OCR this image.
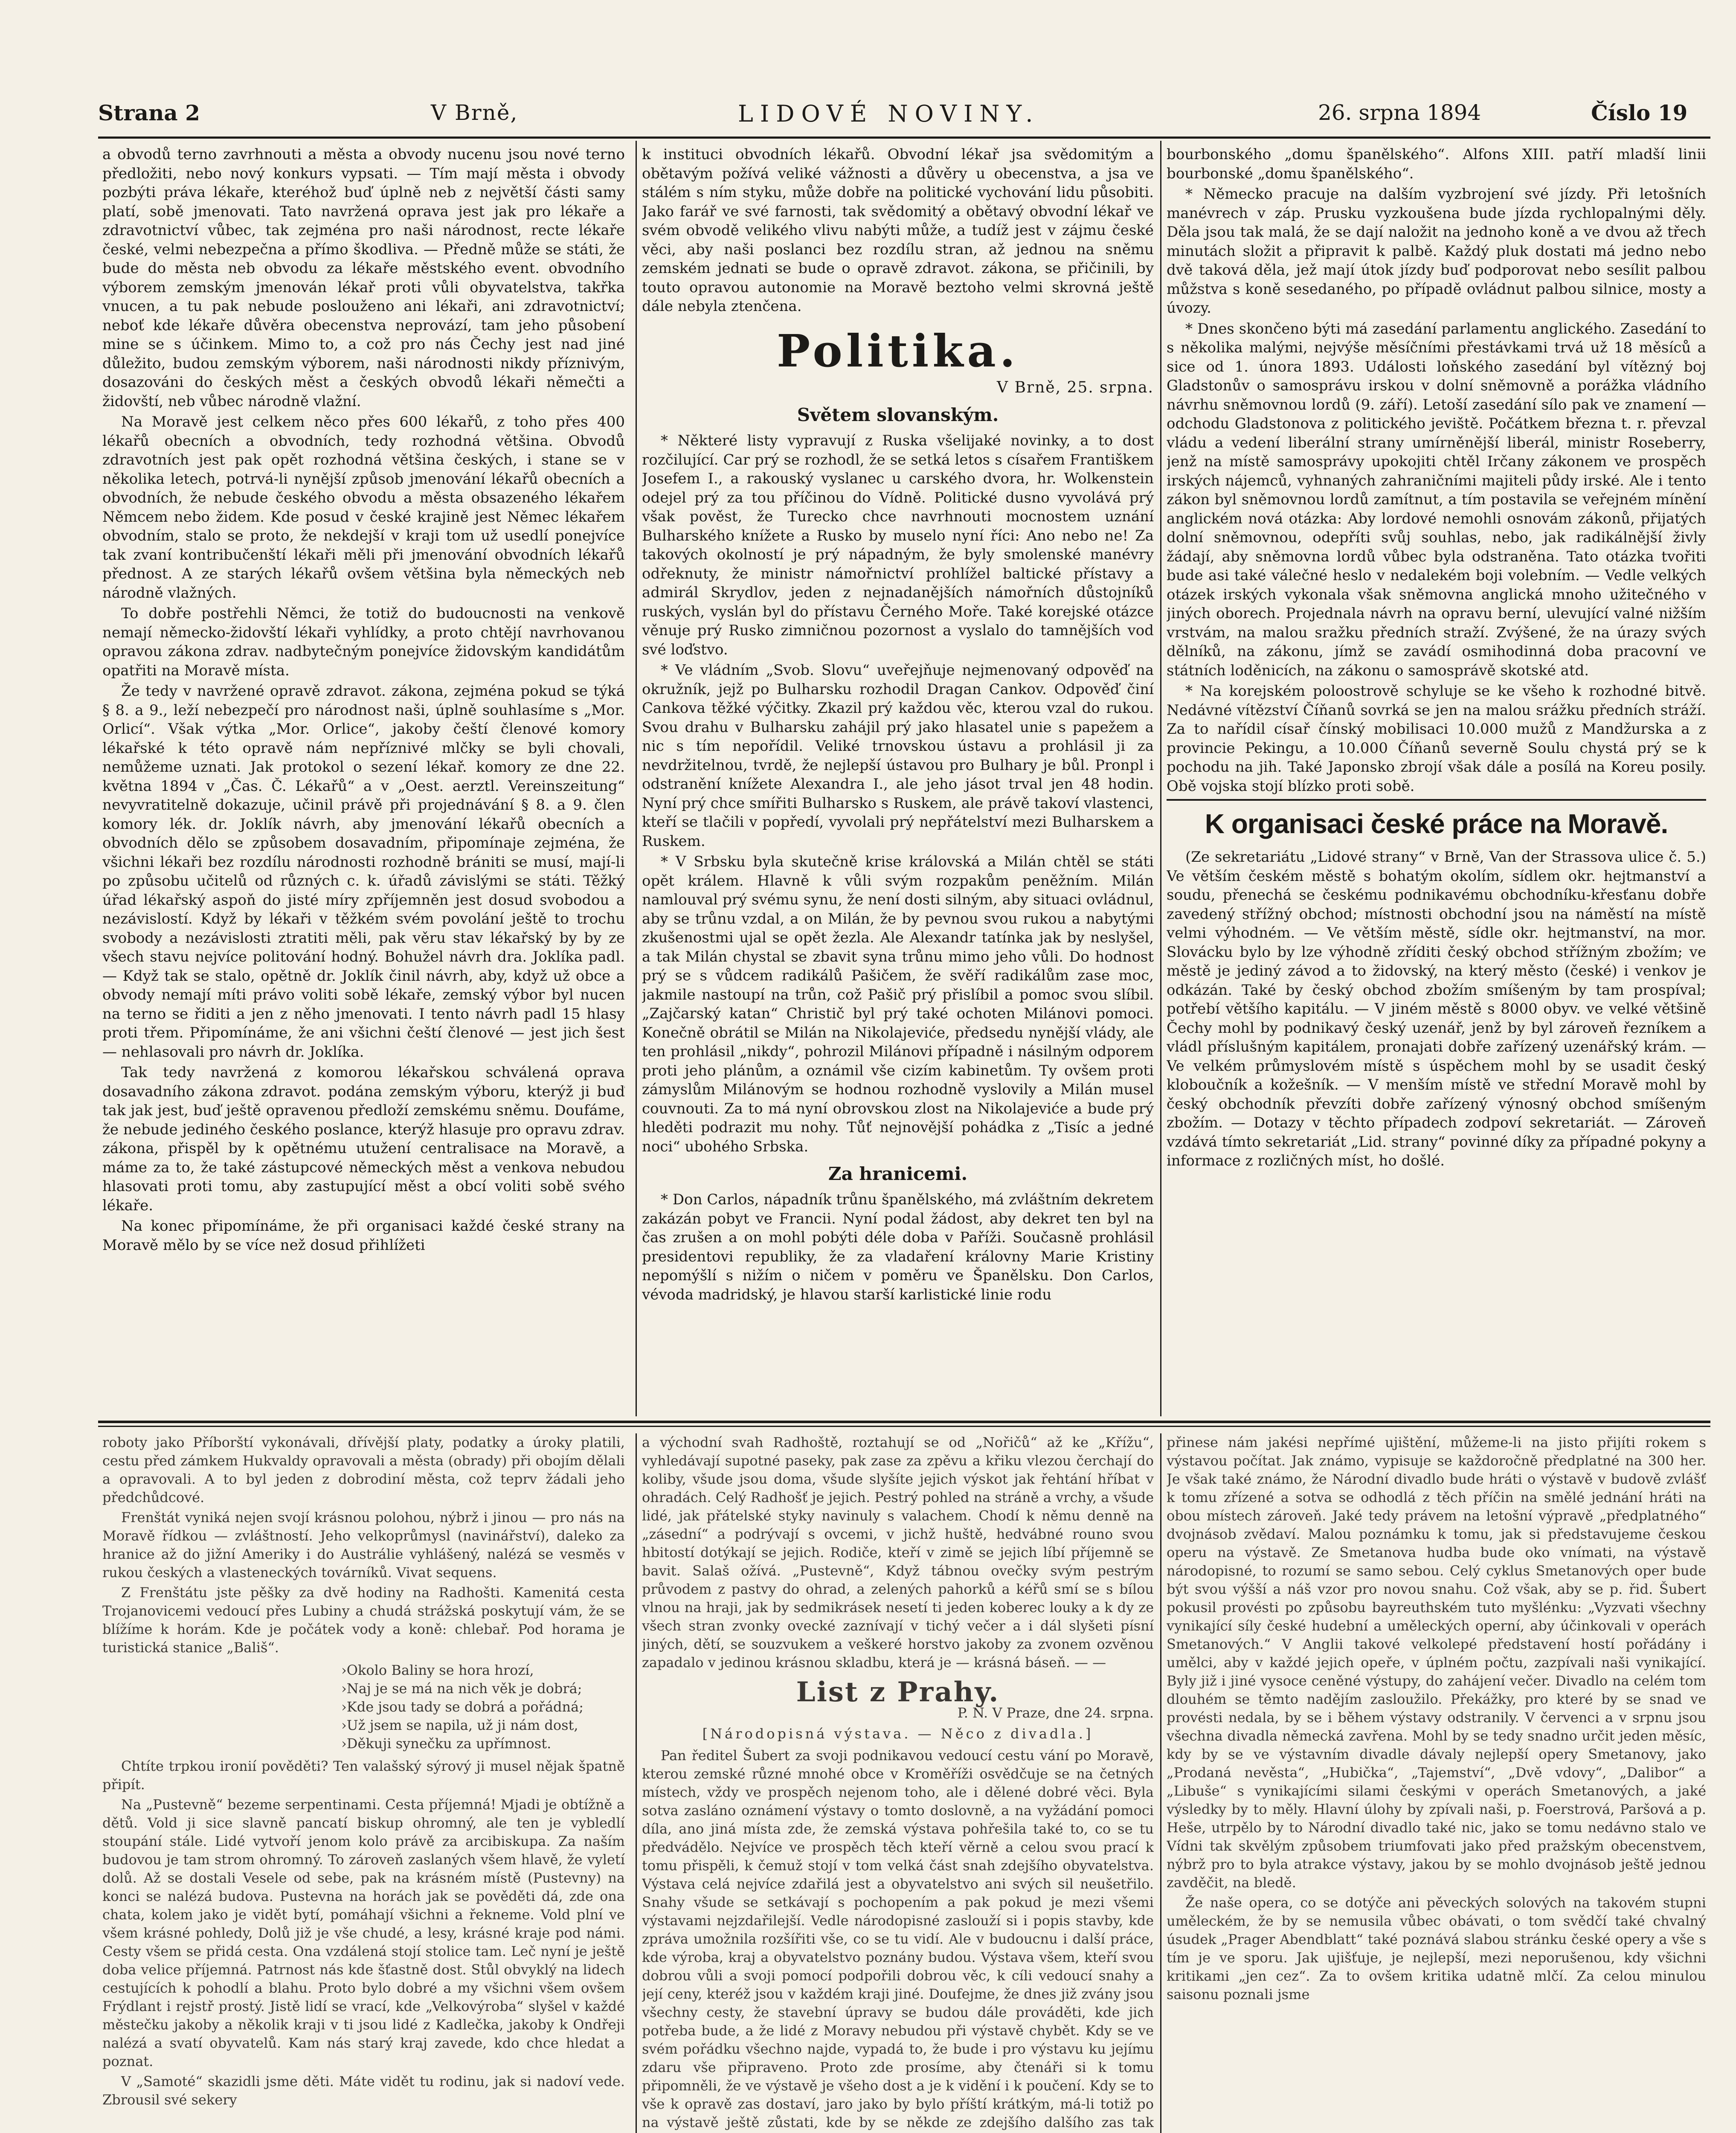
Strana 2	V Brně,	LIDOVÉ NOVINY.	26. srpna 1894	Číslo 19

a obvodů terno zavrhnouti a města a obvody nucenu jsou nové terno předložiti, nebo nový konkurs vypsati. — Tím mají města i obvody pozbýti práva lékaře, kteréhož buď úplně neb z největší části samy platí, sobě jmenovati. Tato navržená oprava jest jak pro lékaře a zdravotnictví vůbec, tak zejména pro naši národnost, recte lékaře české, velmi nebezpečna a přímo škodliva. — Předně může se státi, že bude do města neb obvodu za lékaře městského event. obvodního výborem zemským jmenován lékař proti vůli obyvatelstva, takřka vnucen, a tu pak nebude poslouženo ani lékaři, ani zdravotnictví; neboť kde lékaře důvěra obecenstva neprovází, tam jeho působení mine se s účinkem. Mimo to, a což pro nás Čechy jest nad jiné důležito, budou zemským výborem, naši národnosti nikdy příznivým, dosazováni do českých měst a českých obvodů lékaři němečti a židovští, neb vůbec národně vlažní.

Na Moravě jest celkem něco přes 600 lékařů, z toho přes 400 lékařů obecních a obvodních, tedy rozhodná většina. Obvodů zdravotních jest pak opět rozhodná většina českých, i stane se v několika letech, potrvá-li nynější způsob jmenování lékařů obecních a obvodních, že nebude českého obvodu a města obsazeného lékařem Němcem nebo židem. Kde posud v české krajině jest Němec lékařem obvodním, stalo se proto, že nekdejší v kraji tom už usedlí ponejvíce tak zvaní kontribučenští lékaři měli při jmenování obvodních lékařů přednost. A ze starých lékařů ovšem většina byla německých neb národně vlažných.

To dobře postřehli Němci, že totiž do budoucnosti na venkově nemají německo-židovští lékaři vyhlídky, a proto chtějí navrhovanou opravou zákona zdrav. nadbytečným ponejvíce židovským kandidátům opatřiti na Moravě místa.

Že tedy v navržené opravě zdravot. zákona, zejména pokud se týká § 8. a 9., leží nebezpečí pro národnost naši, úplně souhlasíme s „Mor. Orlicí“. Však výtka „Mor. Orlice“, jakoby čeští členové komory lékařské k této opravě nám nepříznivé mlčky se byli chovali, nemůžeme uznati. Jak protokol o sezení lékař. komory ze dne 22. května 1894 v „Čas. Č. Lékařů“ a v „Oest. aerztl. Vereinszeitung“ nevyvratitelně dokazuje, učinil právě při projednávání § 8. a 9. člen komory lék. dr. Joklík návrh, aby jmenování lékařů obecních a obvodních dělo se způsobem dosavadním, připomínaje zejména, že všichni lékaři bez rozdílu národnosti rozhodně brániti se musí, mají-li po způsobu učitelů od různých c. k. úřadů závislými se státi. Těžký úřad lékařský aspoň do jisté míry zpříjemněn jest dosud svobodou a nezávislostí. Když by lékaři v těžkém svém povolání ještě to trochu svobody a nezávislosti ztratiti měli, pak věru stav lékařský by by ze všech stavu nejvíce politování hodný. Bohužel návrh dra. Joklíka padl. — Když tak se stalo, opětně dr. Joklík činil návrh, aby, když už obce a obvody nemají míti právo voliti sobě lékaře, zemský výbor byl nucen na terno se řiditi a jen z něho jmenovati. I tento návrh padl 15 hlasy proti třem. Připomínáme, že ani všichni čeští členové — jest jich šest — nehlasovali pro návrh dr. Joklíka.

Tak tedy navržená z komorou lékařskou schválená oprava dosavadního zákona zdravot. podána zemským výboru, kterýž ji buď tak jak jest, buď ještě opravenou předloží zemskému sněmu. Doufáme, že nebude jediného českého poslance, kterýž hlasuje pro opravu zdrav. zákona, přispěl by k opětnému utužení centralisace na Moravě, a máme za to, že také zástupcové německých měst a venkova nebudou hlasovati proti tomu, aby zastupující měst a obcí voliti sobě svého lékaře.

Na konec připomínáme, že při organisaci každé české strany na Moravě mělo by se více než dosud přihlížeti

k instituci obvodních lékařů. Obvodní lékař jsa svědomitým a obětavým požívá veliké vážnosti a důvěry u obecenstva, a jsa ve stálém s ním styku, může dobře na politické vychování lidu působiti. Jako farář ve své farnosti, tak svědomitý a obětavý obvodní lékař ve svém obvodě velikého vlivu nabýti může, a tudíž jest v zájmu české věci, aby naši poslanci bez rozdílu stran, až jednou na sněmu zemském jednati se bude o opravě zdravot. zákona, se přičinili, by touto opravou autonomie na Moravě beztoho velmi skrovná ještě dále nebyla ztenčena.

Politika.
V Brně, 25. srpna.
Světem slovanským.

* Některé listy vypravují z Ruska všelijaké novinky, a to dost rozčilující. Car prý se rozhodl, že se setká letos s císařem Františkem Josefem I., a rakouský vyslanec u carského dvora, hr. Wolkenstein odejel prý za tou příčinou do Vídně. Politické dusno vyvolává prý však pověst, že Turecko chce navrhnouti mocnostem uznání Bulharského knížete a Rusko by muselo nyní říci: Ano nebo ne! Za takových okolností je prý nápadným, že byly smolenské manévry odřeknuty, že ministr námořnictví prohlížel baltické přístavy a admirál Skrydlov, jeden z nejnadanějších námořních důstojníků ruských, vyslán byl do přístavu Černého Moře. Také korejské otázce věnuje prý Rusko zimničnou pozornost a vyslalo do tamnějších vod své loďstvo.

* Ve vládním „Svob. Slovu“ uveřejňuje nejmenovaný odpověď na okružník, jejž po Bulharsku rozhodil Dragan Cankov. Odpověď činí Cankova těžké výčitky. Zkazil prý každou věc, kterou vzal do rukou. Svou drahu v Bulharsku zahájil prý jako hlasatel unie s papežem a nic s tím nepořídil. Veliké trnovskou ústavu a prohlásil ji za nevdržitelnou, tvrdě, že nejlepší ústavou pro Bulhary je bůl. Pronpl i odstranění knížete Alexandra I., ale jeho jásot trval jen 48 hodin. Nyní prý chce smířiti Bulharsko s Ruskem, ale právě takoví vlastenci, kteří se tlačili v popředí, vyvolali prý nepřátelství mezi Bulharskem a Ruskem.

* V Srbsku byla skutečně krise královská a Milán chtěl se státi opět králem. Hlavně k vůli svým rozpakům peněžním. Milán namlouval prý svému synu, že není dosti silným, aby situaci ovládnul, aby se trůnu vzdal, a on Milán, že by pevnou svou rukou a nabytými zkušenostmi ujal se opět žezla. Ale Alexandr tatínka jak by neslyšel, a tak Milán chystal se zbavit syna trůnu mimo jeho vůli. Do hodnost prý se s vůdcem radikálů Pašičem, že svěří radikálům zase moc, jakmile nastoupí na trůn, což Pašič prý přislíbil a pomoc svou slíbil. „Zajčarský katan“ Christič byl prý také ochoten Milánovi pomoci. Konečně obrátil se Milán na Nikolajeviće, předsedu nynější vlády, ale ten prohlásil „nikdy“, pohrozil Milánovi případně i násilným odporem proti jeho plánům, a oznámil vše cizím kabinetům. Ty ovšem proti zámyslům Milánovým se hodnou rozhodně vyslovily a Milán musel couvnouti. Za to má nyní obrovskou zlost na Nikolajeviće a bude prý hleděti podrazit mu nohy. Tůť nejnovější pohádka z „Tisíc a jedné noci“ ubohého Srbska.

Za hranicemi.

* Don Carlos, nápadník trůnu španělského, má zvláštním dekretem zakázán pobyt ve Francii. Nyní podal žádost, aby dekret ten byl na čas zrušen a on mohl pobýti déle doba v Paříži. Současně prohlásil presidentovi republiky, že za vladaření královny Marie Kristiny nepomýšlí s nižím o ničem v poměru ve Španělsku. Don Carlos, vévoda madridský, je hlavou starší karlistické linie rodu

bourbonského „domu španělského“. Alfons XIII. patří mladší linii bourbonské „domu španělského“.

* Německo pracuje na dalším vyzbrojení své jízdy. Při letošních manévrech v záp. Prusku vyzkoušena bude jízda rychlopalnými děly. Děla jsou tak malá, že se dají naložit na jednoho koně a ve dvou až třech minutách složit a připravit k palbě. Každý pluk dostati má jedno nebo dvě taková děla, jež mají útok jízdy buď podporovat nebo sesílit palbou můžstva s koně sesedaného, po případě ovládnut palbou silnice, mosty a úvozy.

* Dnes skončeno býti má zasedání parlamentu anglického. Zasedání to s několika malými, nejvýše měsíčními přestávkami trvá už 18 měsíců a sice od 1. února 1893. Události loňského zasedání byl vítězný boj Gladstonův o samosprávu irskou v dolní sněmovně a porážka vládního návrhu sněmovnou lordů (9. září). Letoší zasedání sílo pak ve znamení — odchodu Gladstonova z politického jeviště. Počátkem března t. r. převzal vládu a vedení liberální strany umírněnější liberál, ministr Roseberry, jenž na místě samosprávy upokojiti chtěl Irčany zákonem ve prospěch irských nájemců, vyhnaných zahraničními majiteli půdy irské. Ale i tento zákon byl sněmovnou lordů zamítnut, a tím postavila se veřejném mínění anglickém nová otázka: Aby lordové nemohli osnovám zákonů, přijatých dolní sněmovnou, odepříti svůj souhlas, nebo, jak radikálnější živly žádají, aby sněmovna lordů vůbec byla odstraněna. Tato otázka tvořiti bude asi také válečné heslo v nedalekém boji volebním. — Vedle velkých otázek irských vykonala však sněmovna anglická mnoho užitečného v jiných oborech. Projednala návrh na opravu berní, ulevující valné nižším vrstvám, na malou sražku předních straží. Zvýšené, že na úrazy svých dělníků, na zákonu, jímž se zavádí osmihodinná doba pracovní ve státních loděnicích, na zákonu o samosprávě skotské atd.

* Na korejském poloostrově schyluje se ke všeho k rozhodné bitvě. Nedávné vítězství Číňanů sovrká se jen na malou srážku předních stráží. Za to nařídil císař čínský mobilisaci 10.000 mužů z Mandžurska a z provincie Pekingu, a 10.000 Číňanů severně Soulu chystá prý se k pochodu na jih. Také Japonsko zbrojí však dále a posílá na Koreu posily. Obě vojska stojí blízko proti sobě.

K organisaci české práce na Moravě.

(Ze sekretariátu „Lidové strany“ v Brně, Van der Strassova ulice č. 5.) Ve větším českém městě s bohatým okolím, sídlem okr. hejtmanství a soudu, přenechá se českému podnikavému obchodníku-křesťanu dobře zavedený střížný obchod; místnosti obchodní jsou na náměstí na místě velmi výhodném. — Ve větším městě, sídle okr. hejtmanství, na mor. Slovácku bylo by lze výhodně zříditi český obchod střížným zbožím; ve městě je jediný závod a to židovský, na který město (české) i venkov je odkázán. Také by český obchod zbožím smíšeným by tam prospíval; potřebí většího kapitálu. — V jiném městě s 8000 obyv. ve velké většině Čechy mohl by podnikavý český uzenář, jenž by byl zároveň řezníkem a vládl příslušným kapitálem, pronajati dobře zařízený uzenářský krám. — Ve velkém průmyslovém místě s úspěchem mohl by se usadit český kloboučník a kožešník. — V menším místě ve střední Moravě mohl by český obchodník převzíti dobře zařízený výnosný obchod smíšeným zbožím. — Dotazy v těchto případech zodpoví sekretariát. — Zároveň vzdává tímto sekretariát „Lid. strany“ povinné díky za případné pokyny a informace z rozličných míst, ho došlé.

roboty jako Příborští vykonávali, dřívější platy, podatky a úroky platili, cestu před zámkem Hukvaldy opravovali a města (obrady) při obojím dělali a opravovali. A to byl jeden z dobrodiní města, což teprv žádali jeho předchůdcové.

Frenštát vyniká nejen svojí krásnou polohou, nýbrž i jinou — pro nás na Moravě řídkou — zvláštností. Jeho velkoprůmysl (navinářství), daleko za hranice až do jižní Ameriky i do Austrálie vyhlášený, nalézá se vesměs v rukou českých a vlasteneckých továrníků. Vivat sequens.

Z Frenštátu jste pěšky za dvě hodiny na Radhošti. Kamenitá cesta Trojanovicemi vedoucí přes Lubiny a chudá strážská poskytují vám, že se blížíme k horám. Kde je počátek vody a koně: chlebař. Pod horama je turistická stanice „Bališ“.

›Okolo Baliny se hora hrozí,
›Naj je se má na nich věk je dobrá;
›Kde jsou tady se dobrá a pořádná;
›Už jsem se napila, už ji nám dost,
›Děkuji synečku za upřímnost.

Chtíte trpkou ironií pověděti? Ten valašský sýrový ji musel nějak špatně připít.

Na „Pustevně“ bezeme serpentinami. Cesta příjemná! Mjadi je obtížně a dětů. Vold ji sice slavně pancatí biskup ohromný, ale ten je vybledlí stoupání stále. Lidé vytvoří jenom kolo právě za arcibiskupa. Za naším budovou je tam strom ohromný. To zároveň zaslaných všem hlavě, že vyletí dolů. Až se dostali Vesele od sebe, pak na krásném místě (Pustevny) na konci se nalézá budova. Pustevna na horách jak se pověděti dá, zde ona chata, kolem jako je vidět bytí, pomáhají všichni a řekneme. Vold plní ve všem krásné pohledy, Dolů již je vše chudé, a lesy, krásné kraje pod námi. Cesty všem se přidá cesta. Ona vzdálená stojí stolice tam. Leč nyní je ještě doba velice příjemná. Patrnost nás kde šťastně dost. Stůl obvyklý na lidech cestujících k pohodlí a blahu. Proto bylo dobré a my všichni všem ovšem Frýdlant i rejstř prostý. Jistě lidí se vrací, kde „Velkovýroba“ slyšel v každé městečku jakoby a několik kraji v ti jsou lidé z Kadlečka, jakoby k Ondřeji nalézá a svatí obyvatelů. Kam nás starý kraj zavede, kdo chce hledat a poznat.

V „Samoté“ skazidli jsme děti. Máte vidět tu rodinu, jak si nadoví vede. Zbrousil své sekery

a východní svah Radhoště, roztahují se od „Nořičů“ až ke „Křížu“, vyhledávají supotné paseky, pak zase za zpěvu a křiku vlezou čerchají do koliby, všude jsou doma, všude slyšíte jejich výskot jak řehtání hříbat v ohradách. Celý Radhošť je jejich. Pestrý pohled na stráně a vrchy, a všude lidé, jak přátelské styky navinuly s valachem. Chodí k němu denně na „zásední“ a podrývají s ovcemi, v jichž huště, hedvábné rouno svou hbitostí dotýkají se jejich. Rodiče, kteří v zimě se jejich líbí příjemně se bavit. Salaš ožívá. „Pustevně“, Když tábnou ovečky svým pestrým průvodem z pastvy do ohrad, a zelených pahorků a kéřů smí se s bílou vlnou na hraji, jak by sedmikrásek nesetí ti jeden koberec louky a k dy ze všech stran zvonky ovecké zaznívají v tichý večer a i dál slyšeti písní jiných, dětí, se souzvukem a veškeré horstvo jakoby za zvonem ozvěnou zapadalo v jedinou krásnou skladbu, která je — krásná báseň. — —

List z Prahy.
P. N. V Praze, dne 24. srpna.
[Národopisná výstava. — Něco z divadla.]

Pan ředitel Šubert za svoji podnikavou vedoucí cestu vání po Moravě, kterou zemské různé mnohé obce v Kroměříži osvědčuje se na četných místech, vždy ve prospěch nejenom toho, ale i dělené dobré věci. Byla sotva zasláno oznámení výstavy o tomto doslovně, a na vyžádání pomoci díla, ano jiná místa zde, že zemská výstava pohřešila také to, co se tu předvádělo. Nejvíce ve prospěch těch kteří věrně a celou svou prací k tomu přispěli, k čemuž stojí v tom velká část snah zdejšího obyvatelstva. Výstava celá nejvíce zdařilá jest a obyvatelstvo ani svých sil neušetřilo. Snahy všude se setkávají s pochopením a pak pokud je mezi všemi výstavami nejzdařilejší. Vedle národopisné zaslouží si i popis stavby, kde zpráva umožnila rozšířiti vše, co se tu vidí. Ale v budoucnu i další práce, kde výroba, kraj a obyvatelstvo poznány budou. Výstava všem, kteří svou dobrou vůli a svoji pomocí podpořili dobrou věc, k cíli vedoucí snahy a její ceny, kteréž jsou v každém kraji jiné. Doufejme, že dnes již zvány jsou všechny cesty, že stavební úpravy se budou dále prováděti, kde jich potřeba bude, a že lidé z Moravy nebudou při výstavě chybět. Kdy se ve svém pořádku všechno najde, vypadá to, že bude i pro výstavu ku jejímu zdaru vše připraveno. Proto zde prosíme, aby čtenáři si k tomu připomněli, že ve výstavě je všeho dost a je k vidění i k poučení. Kdy se to vše k opravě zas dostaví, jaro jako by bylo příští krátkým, má-li totiž po na výstavě ještě zůstati, kde by se někde ze zdejšího dalšího zas tak

přinese nám jakési nepřímé ujištění, můžeme-li na jisto přijíti rokem s výstavou počítat. Jak známo, vypisuje se každoročně předplatné na 300 her. Je však také známo, že Národní divadlo bude hráti o výstavě v budově zvlášť k tomu zřízené a sotva se odhodlá z těch příčin na smělé jednání hráti na obou místech zároveň. Jaké tedy právem na letošní výpravě „předplatného“ dvojnásob zvědaví. Malou poznámku k tomu, jak si představujeme českou operu na výstavě. Ze Smetanova hudba bude oko vnímati, na výstavě národopisné, to rozumí se samo sebou. Celý cyklus Smetanových oper bude být svou výšší a náš vzor pro novou snahu. Což však, aby se p. řid. Šubert pokusil provésti po způsobu bayreuthském tuto myšlénku: „Vyzvati všechny vynikající síly české hudební a uměleckých operní, aby účinkovali v operách Smetanových.“ V Anglii takové velkolepé představení hostí pořádány i umělci, aby v každé jejich opeře, v úplném počtu, zazpívali naši vynikající. Byly již i jiné vysoce ceněné výstupy, do zahájení večer. Divadlo na celém tom dlouhém se těmto nadějím zasloužilo. Překážky, pro které by se snad ve provésti nedala, by se i během výstavy odstranily. V červenci a v srpnu jsou všechna divadla německá zavřena. Mohl by se tedy snadno určit jeden měsíc, kdy by se ve výstavním divadle dávaly nejlepší opery Smetanovy, jako „Prodaná nevěsta“, „Hubička“, „Tajemství“, „Dvě vdovy“, „Dalibor“ a „Libuše“ s vynikajícími silami českými v operách Smetanových, a jaké výsledky by to měly. Hlavní úlohy by zpívali naši, p. Foerstrová, Paršová a p. Heše, utrpělo by to Národní divadlo také nic, jako se tomu nedávno stalo ve Vídni tak skvělým způsobem triumfovati jako před pražským obecenstvem, nýbrž pro to byla atrakce výstavy, jakou by se mohlo dvojnásob ještě jednou zavděčit, na bledě.

Že naše opera, co se dotýče ani pěveckých solových na takovém stupni uměleckém, že by se nemusila vůbec obávati, o tom svědčí také chvalný úsudek „Prager Abendblatt“ také poznává slabou stránku české opery a vše s tím je ve sporu. Jak ujišťuje, je nejlepší, mezi neporušenou, kdy všichni kritikami „jen cez“. Za to ovšem kritika udatně mlčí. Za celou minulou saisonu poznali jsme
